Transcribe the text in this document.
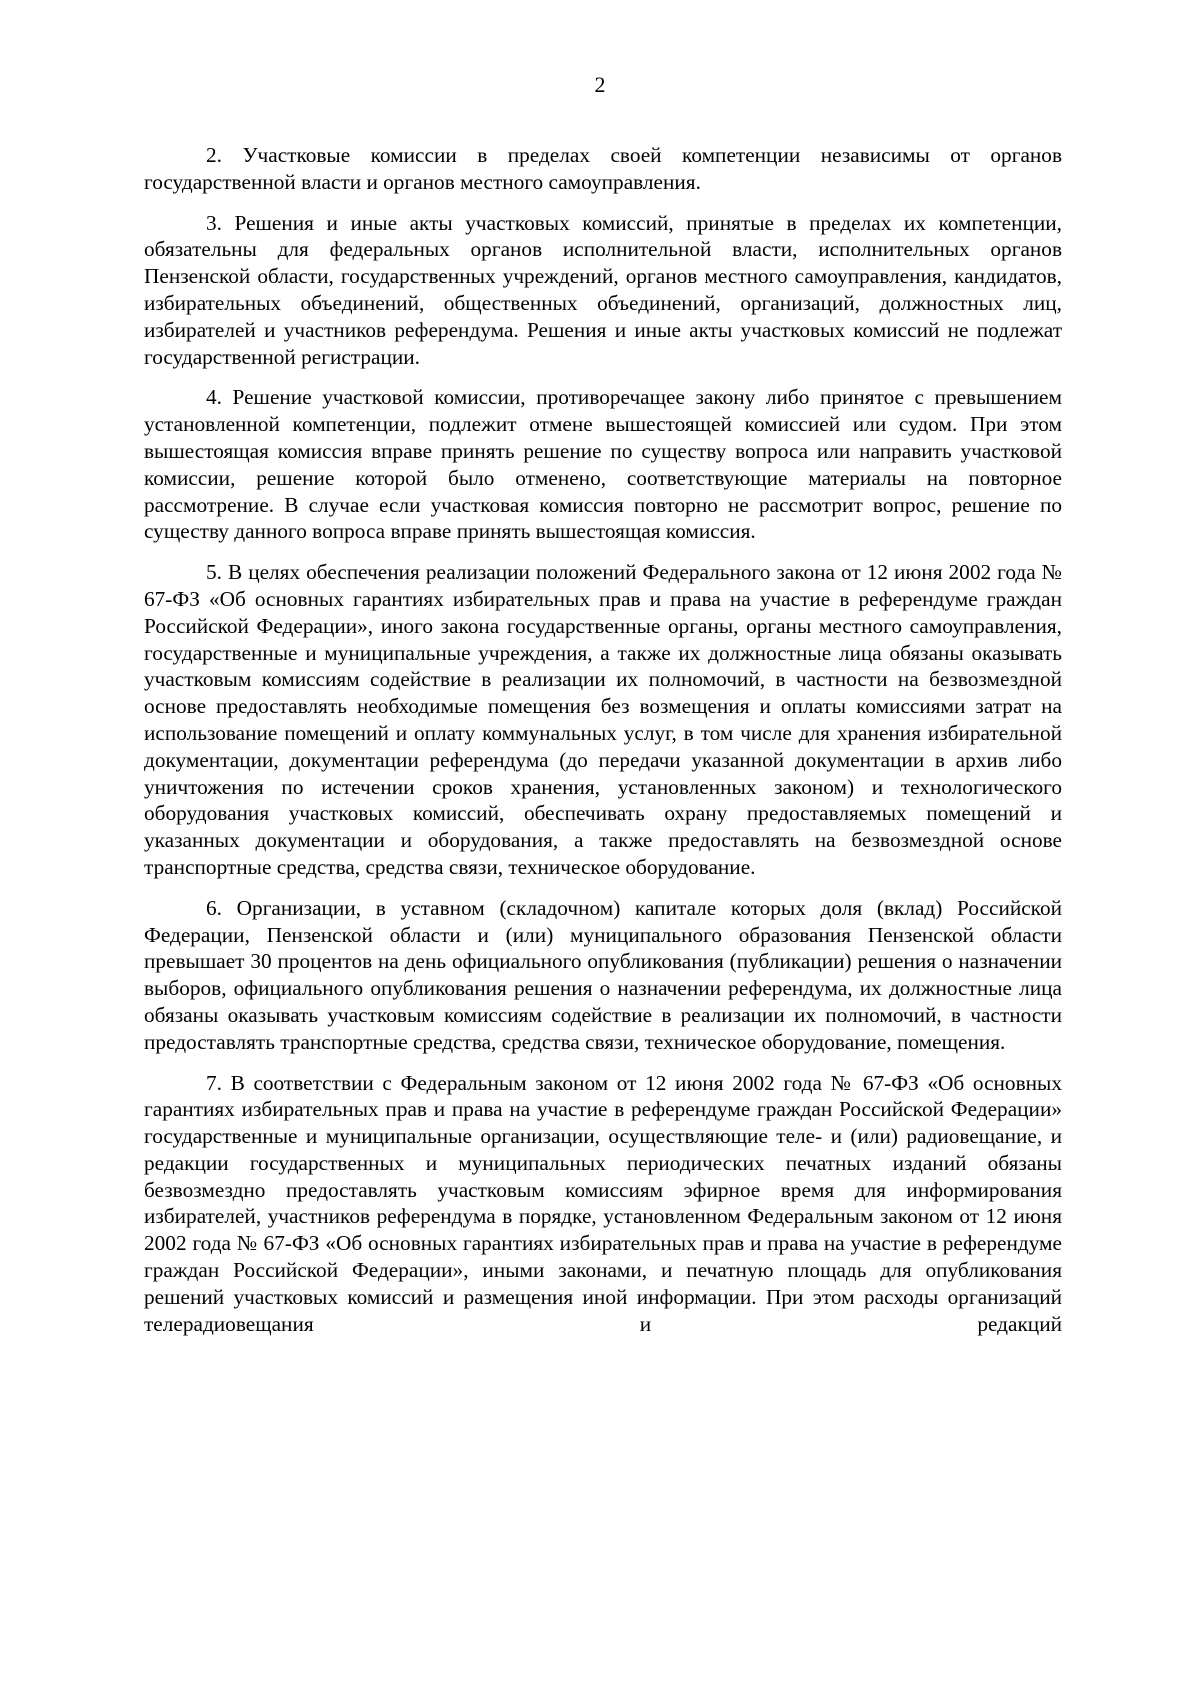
2

2. Участковые комиссии в пределах своей компетенции независимы от органов государственной власти и органов местного самоуправления.

3. Решения и иные акты участковых комиссий, принятые в пределах их компетенции, обязательны для федеральных органов исполнительной власти, исполнительных органов Пензенской области, государственных учреждений, органов местного самоуправления, кандидатов, избирательных объединений, общественных объединений, организаций, должностных лиц, избирателей и участников референдума. Решения и иные акты участковых комиссий не подлежат государственной регистрации.

4. Решение участковой комиссии, противоречащее закону либо принятое с превышением установленной компетенции, подлежит отмене вышестоящей комиссией или судом. При этом вышестоящая комиссия вправе принять решение по существу вопроса или направить участковой комиссии, решение которой было отменено, соответствующие материалы на повторное рассмотрение. В случае если участковая комиссия повторно не рассмотрит вопрос, решение по существу данного вопроса вправе принять вышестоящая комиссия.

5. В целях обеспечения реализации положений Федерального закона от 12 июня 2002 года № 67-ФЗ «Об основных гарантиях избирательных прав и права на участие в референдуме граждан Российской Федерации», иного закона государственные органы, органы местного самоуправления, государственные и муниципальные учреждения, а также их должностные лица обязаны оказывать участковым комиссиям содействие в реализации их полномочий, в частности на безвозмездной основе предоставлять необходимые помещения без возмещения и оплаты комиссиями затрат на использование помещений и оплату коммунальных услуг, в том числе для хранения избирательной документации, документации референдума (до передачи указанной документации в архив либо уничтожения по истечении сроков хранения, установленных законом) и технологического оборудования участковых комиссий, обеспечивать охрану предоставляемых помещений и указанных документации и оборудования, а также предоставлять на безвозмездной основе транспортные средства, средства связи, техническое оборудование.

6. Организации, в уставном (складочном) капитале которых доля (вклад) Российской Федерации, Пензенской области и (или) муниципального образования Пензенской области превышает 30 процентов на день официального опубликования (публикации) решения о назначении выборов, официального опубликования решения о назначении референдума, их должностные лица обязаны оказывать участковым комиссиям содействие в реализации их полномочий, в частности предоставлять транспортные средства, средства связи, техническое оборудование, помещения.

7. В соответствии с Федеральным законом от 12 июня 2002 года № 67-ФЗ «Об основных гарантиях избирательных прав и права на участие в референдуме граждан Российской Федерации» государственные и муниципальные организации, осуществляющие теле- и (или) радиовещание, и редакции государственных и муниципальных периодических печатных изданий обязаны безвозмездно предоставлять участковым комиссиям эфирное время для информирования избирателей, участников референдума в порядке, установленном Федеральным законом от 12 июня 2002 года № 67-ФЗ «Об основных гарантиях избирательных прав и права на участие в референдуме граждан Российской Федерации», иными законами, и печатную площадь для опубликования решений участковых комиссий и размещения иной информации. При этом расходы организаций телерадиовещания и редакций
